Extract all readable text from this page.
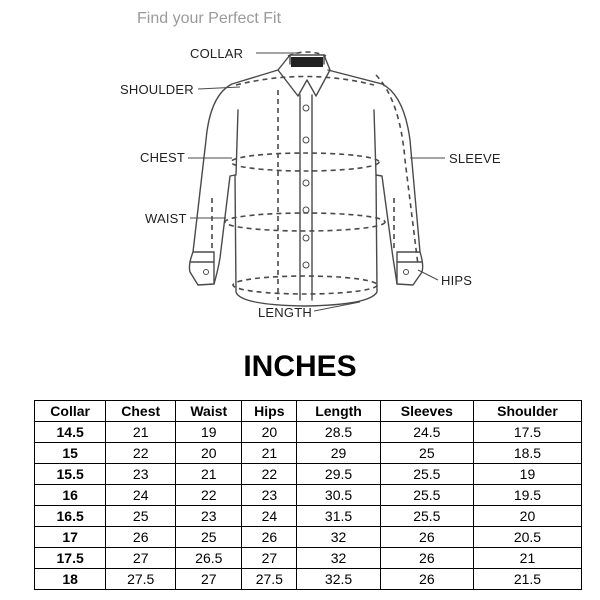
Find your Perfect Fit
COLLAR
SHOULDER
CHEST
WAIST
SLEEVE
HIPS
LENGTH
INCHES
Collar	Chest	Waist	Hips	Length	Sleeves	Shoulder
14.5	21	19	20	28.5	24.5	17.5
15	22	20	21	29	25	18.5
15.5	23	21	22	29.5	25.5	19
16	24	22	23	30.5	25.5	19.5
16.5	25	23	24	31.5	25.5	20
17	26	25	26	32	26	20.5
17.5	27	26.5	27	32	26	21
18	27.5	27	27.5	32.5	26	21.5
